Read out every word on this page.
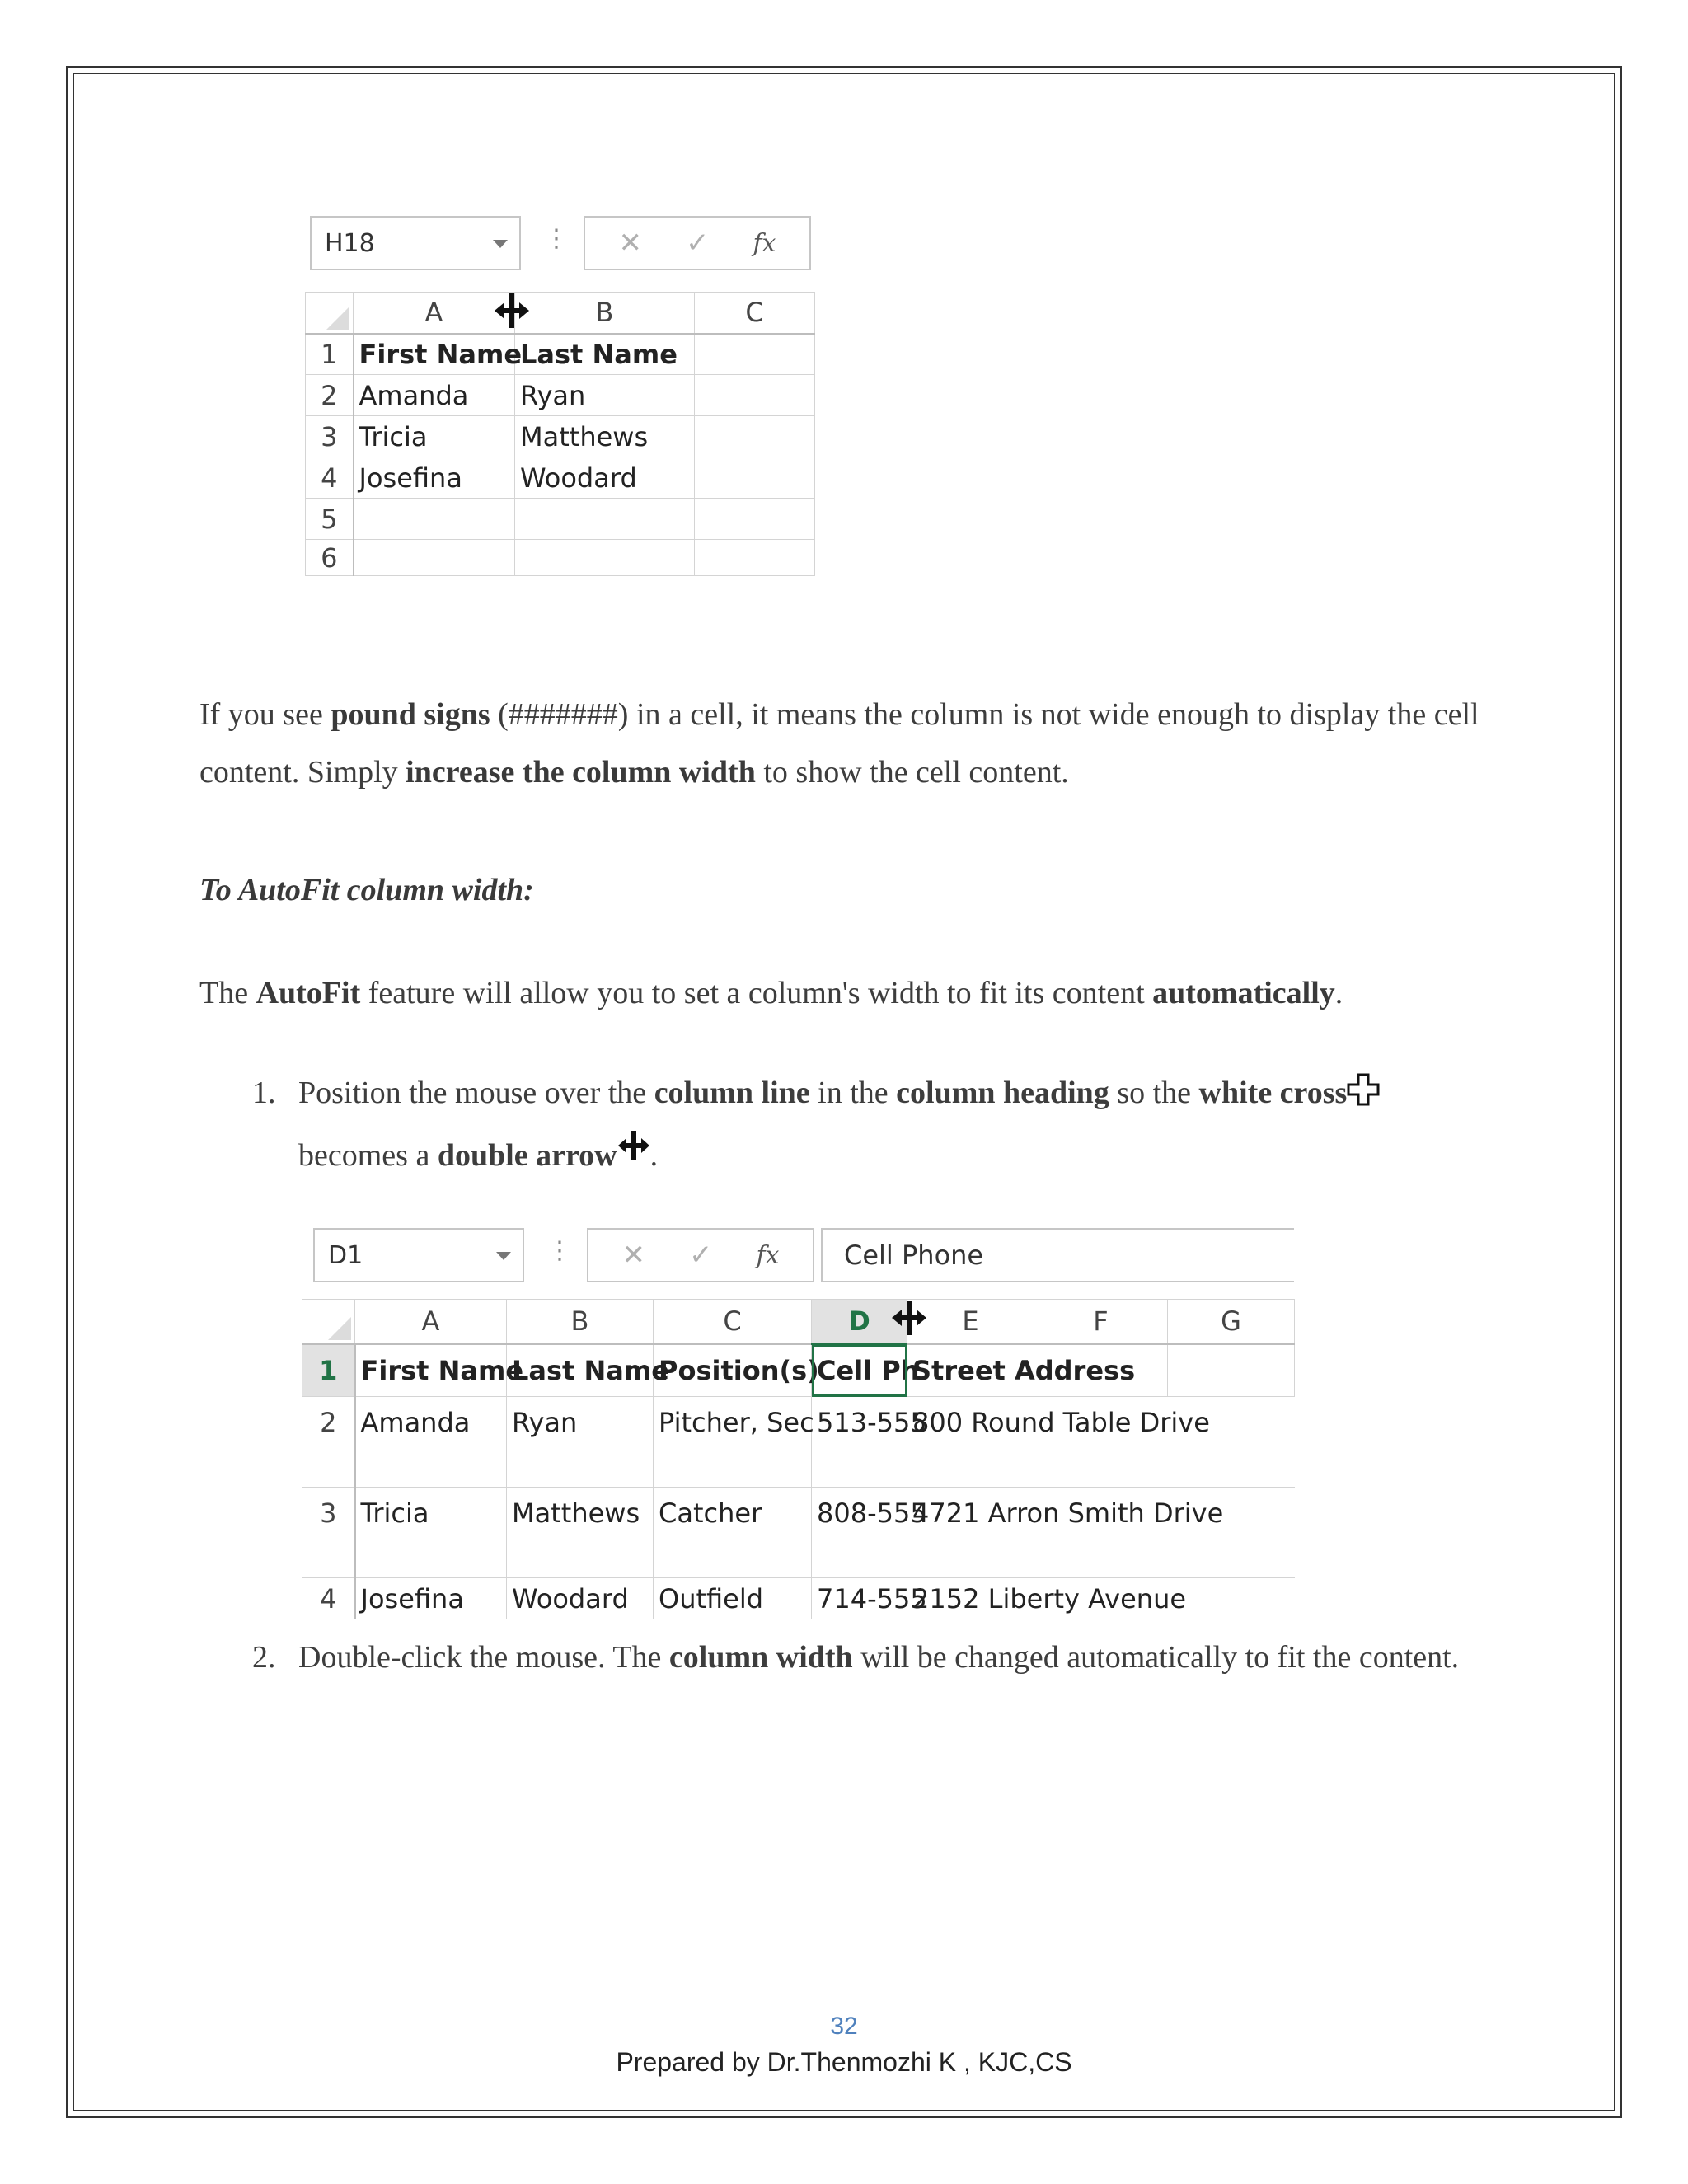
H18	⋮ ✕ ✓ fx
	A	B	C
1	First Name	Last Name	
2	Amanda	Ryan	
3	Tricia	Matthews	
4	Josefina	Woodard	
5			
6			

If you see pound signs (#######) in a cell, it means the column is not wide enough to display the cell content. Simply increase the column width to show the cell content.

To AutoFit column width:

The AutoFit feature will allow you to set a column's width to fit its content automatically.

1. Position the mouse over the column line in the column heading so the white crossbecomes a double arrow .
D1	⋮ ✕ ✓ fx	Cell Phone
	A	B	C	D	E	F	G
1	First Name	Last Name	Position(s)	Cell Ph	Street Address		
2	Amanda	Ryan	Pitcher, Sec	513-555	800 Round Table Drive		
3	Tricia	Matthews	Catcher	808-555	4721 Arron Smith Drive		
4	Josefina	Woodard	Outfield	714-555	2152 Liberty Avenue		
2. Double-click the mouse. The column width will be changed automatically to fit the content.
32
Prepared by Dr.Thenmozhi K , KJC,CS
